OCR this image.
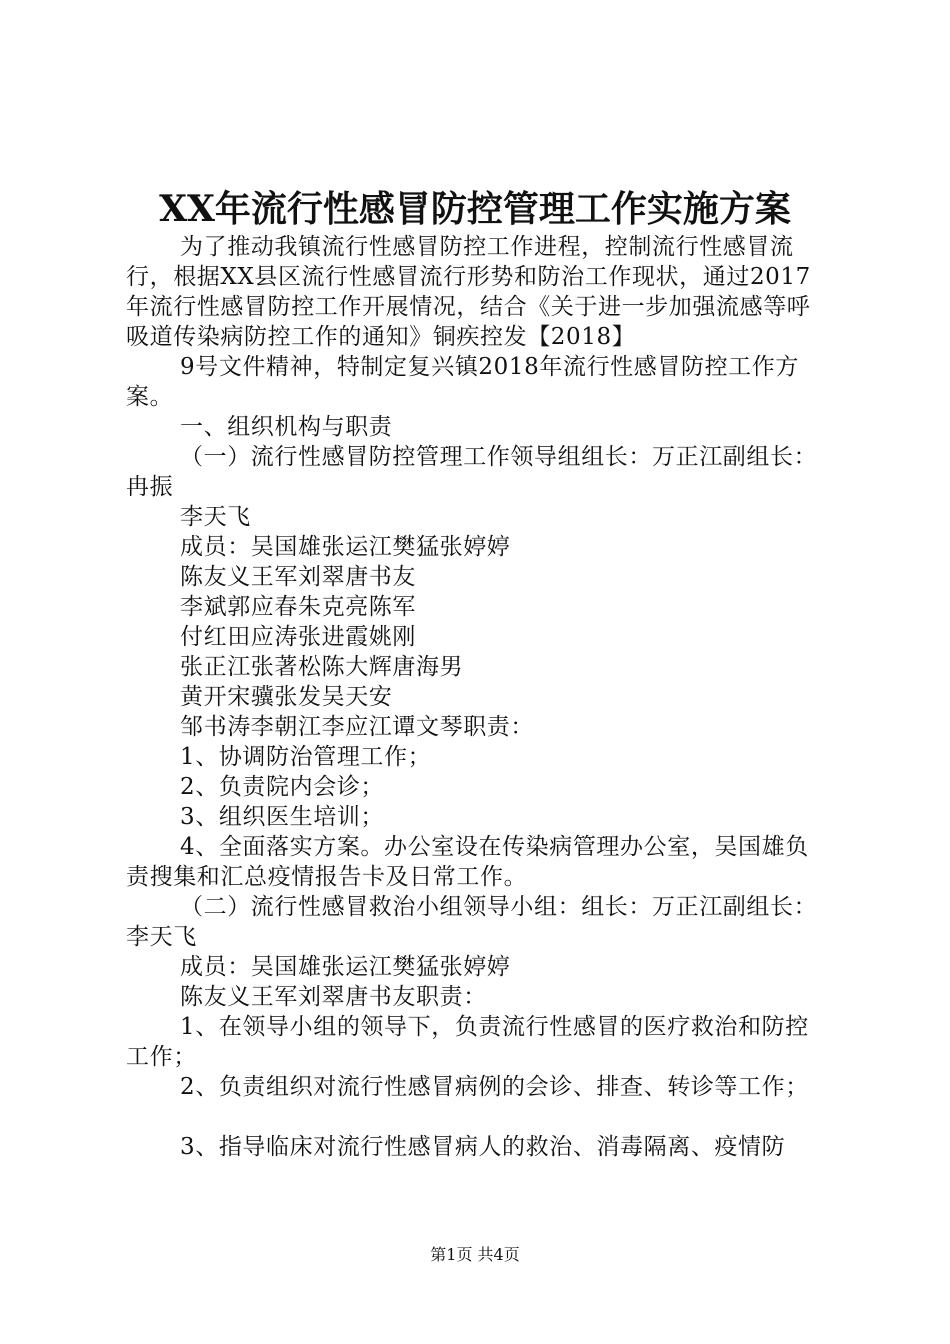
XX年流行性感冒防控管理工作实施方案

为了推动我镇流行性感冒防控工作进程，控制流行性感冒流行，根据XX县区流行性感冒流行形势和防治工作现状，通过2017年流行性感冒防控工作开展情况，结合《关于进一步加强流感等呼吸道传染病防控工作的通知》铜疾控发【2018】

9号文件精神，特制定复兴镇2018年流行性感冒防控工作方案。

一、组织机构与职责

（一）流行性感冒防控管理工作领导组组长：万正江副组长：冉振

李天飞

成员：吴国雄张运江樊猛张婷婷

陈友义王军刘翠唐书友

李斌郭应春朱克亮陈军

付红田应涛张进霞姚刚

张正江张著松陈大辉唐海男

黄开宋骥张发吴天安

邹书涛李朝江李应江谭文琴职责：

1、协调防治管理工作；

2、负责院内会诊；

3、组织医生培训；

4、全面落实方案。办公室设在传染病管理办公室，吴国雄负责搜集和汇总疫情报告卡及日常工作。

（二）流行性感冒救治小组领导小组：组长：万正江副组长：李天飞

成员：吴国雄张运江樊猛张婷婷

陈友义王军刘翠唐书友职责：

1、在领导小组的领导下，负责流行性感冒的医疗救治和防控工作；

2、负责组织对流行性感冒病例的会诊、排查、转诊等工作；

3、指导临床对流行性感冒病人的救治、消毒隔离、疫情防

第1页 共4页
